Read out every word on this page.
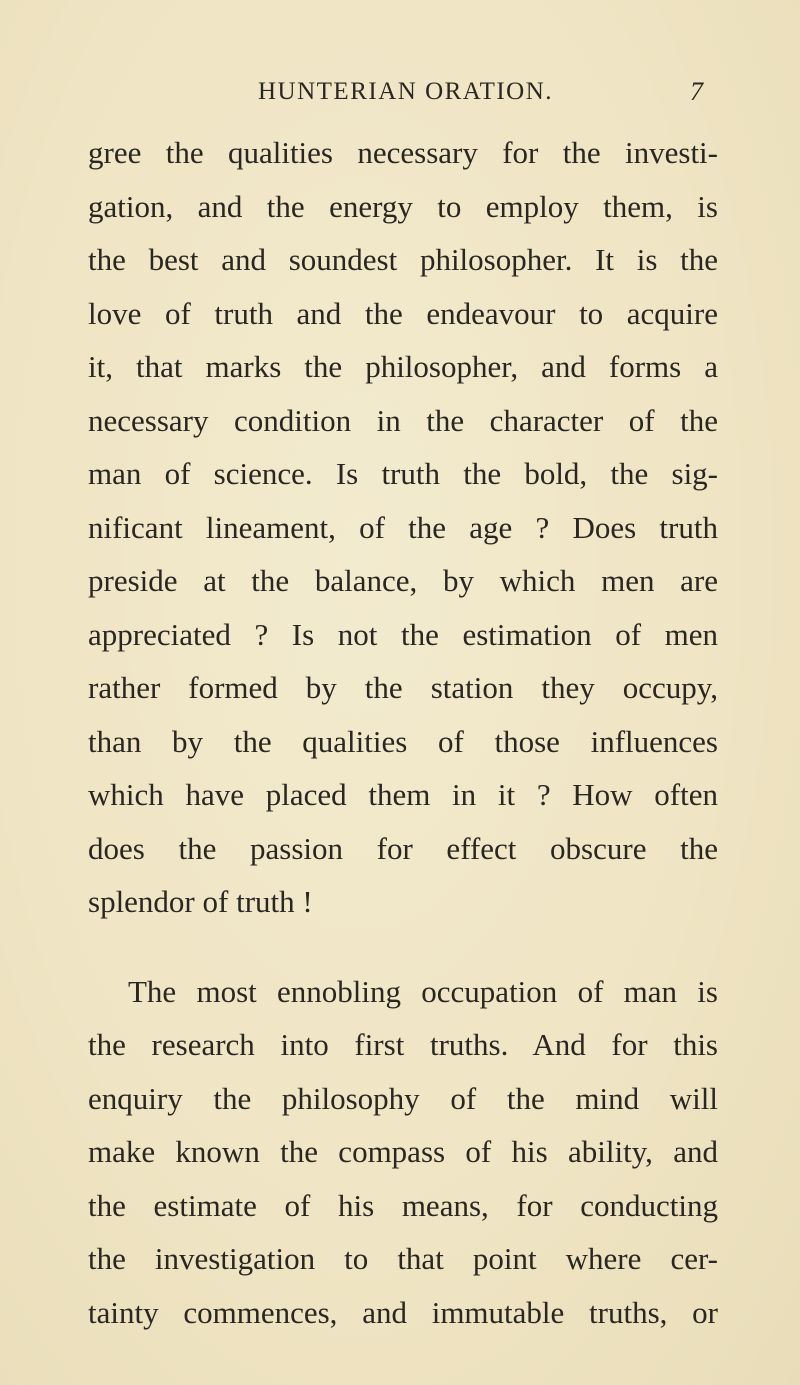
HUNTERIAN ORATION.	7
gree the qualities necessary for the investi-
gation, and the energy to employ them, is
the best and soundest philosopher. It is the
love of truth and the endeavour to acquire
it, that marks the philosopher, and forms a
necessary condition in the character of the
man of science. Is truth the bold, the sig-
nificant lineament, of the age ? Does truth
preside at the balance, by which men are
appreciated ? Is not the estimation of men
rather formed by the station they occupy,
than by the qualities of those influences
which have placed them in it ? How often
does the passion for effect obscure the
splendor of truth !
The most ennobling occupation of man is
the research into first truths. And for this
enquiry the philosophy of the mind will
make known the compass of his ability, and
the estimate of his means, for conducting
the investigation to that point where cer-
tainty commences, and immutable truths, or
